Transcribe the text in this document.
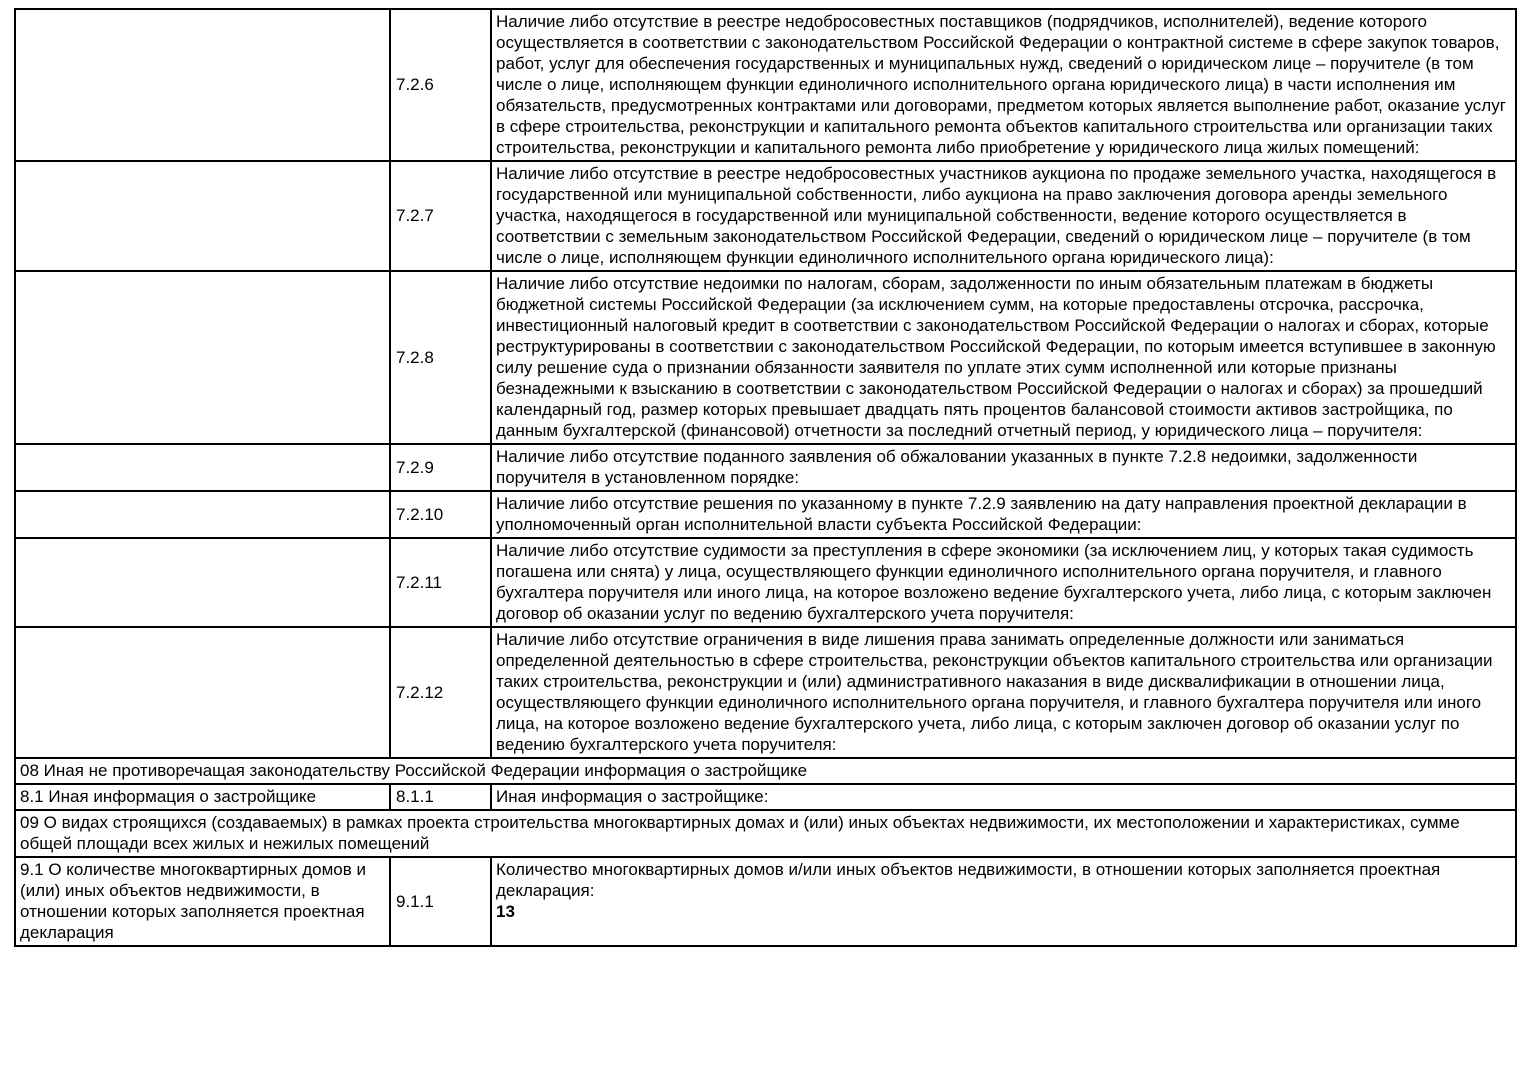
	7.2.6	Наличие либо отсутствие в реестре недобросовестных поставщиков (подрядчиков, исполнителей), ведение которого осуществляется в соответствии с законодательством Российской Федерации о контрактной системе в сфере закупок товаров, работ, услуг для обеспечения государственных и муниципальных нужд, сведений о юридическом лице – поручителе (в том числе о лице, исполняющем функции единоличного исполнительного органа юридического лица) в части исполнения им обязательств, предусмотренных контрактами или договорами, предметом которых является выполнение работ, оказание услуг в сфере строительства, реконструкции и капитального ремонта объектов капитального строительства или организации таких строительства, реконструкции и капитального ремонта либо приобретение у юридического лица жилых помещений:

	7.2.7	Наличие либо отсутствие в реестре недобросовестных участников аукциона по продаже земельного участка, находящегося в государственной или муниципальной собственности, либо аукциона на право заключения договора аренды земельного участка, находящегося в государственной или муниципальной собственности, ведение которого осуществляется в соответствии с земельным законодательством Российской Федерации, сведений о юридическом лице – поручителе (в том числе о лице, исполняющем функции единоличного исполнительного органа юридического лица):

	7.2.8	Наличие либо отсутствие недоимки по налогам, сборам, задолженности по иным обязательным платежам в бюджеты бюджетной системы Российской Федерации (за исключением сумм, на которые предоставлены отсрочка, рассрочка, инвестиционный налоговый кредит в соответствии с законодательством Российской Федерации о налогах и сборах, которые реструктурированы в соответствии с законодательством Российской Федерации, по которым имеется вступившее в законную силу решение суда о признании обязанности заявителя по уплате этих сумм исполненной или которые признаны безнадежными к взысканию в соответствии с законодательством Российской Федерации о налогах и сборах) за прошедший календарный год, размер которых превышает двадцать пять процентов балансовой стоимости активов застройщика, по данным бухгалтерской (финансовой) отчетности за последний отчетный период, у юридического лица – поручителя:

	7.2.9	Наличие либо отсутствие поданного заявления об обжаловании указанных в пункте 7.2.8 недоимки, задолженности поручителя в установленном порядке:

	7.2.10	Наличие либо отсутствие решения по указанному в пункте 7.2.9 заявлению на дату направления проектной декларации в уполномоченный орган исполнительной власти субъекта Российской Федерации:

	7.2.11	Наличие либо отсутствие судимости за преступления в сфере экономики (за исключением лиц, у которых такая судимость погашена или снята) у лица, осуществляющего функции единоличного исполнительного органа поручителя, и главного бухгалтера поручителя или иного лица, на которое возложено ведение бухгалтерского учета, либо лица, с которым заключен договор об оказании услуг по ведению бухгалтерского учета поручителя:

	7.2.12	Наличие либо отсутствие ограничения в виде лишения права занимать определенные должности или заниматься определенной деятельностью в сфере строительства, реконструкции объектов капитального строительства или организации таких строительства, реконструкции и (или) административного наказания в виде дисквалификации в отношении лица, осуществляющего функции единоличного исполнительного органа поручителя, и главного бухгалтера поручителя или иного лица, на которое возложено ведение бухгалтерского учета, либо лица, с которым заключен договор об оказании услуг по ведению бухгалтерского учета поручителя:

08 Иная не противоречащая законодательству Российской Федерации информация о застройщике		
8.1 Иная информация о застройщике	8.1.1	Иная информация о застройщике:

09 О видах строящихся (создаваемых) в рамках проекта строительства многоквартирных домах и (или) иных объектах недвижимости, их местоположении и характеристиках, сумме общей площади всех жилых и нежилых помещений		
9.1 О количестве многоквартирных домов и (или) иных объектов недвижимости, в отношении которых заполняется проектная декларация	9.1.1	Количество многоквартирных домов и/или иных объектов недвижимости, в отношении которых заполняется проектная декларация:
13
